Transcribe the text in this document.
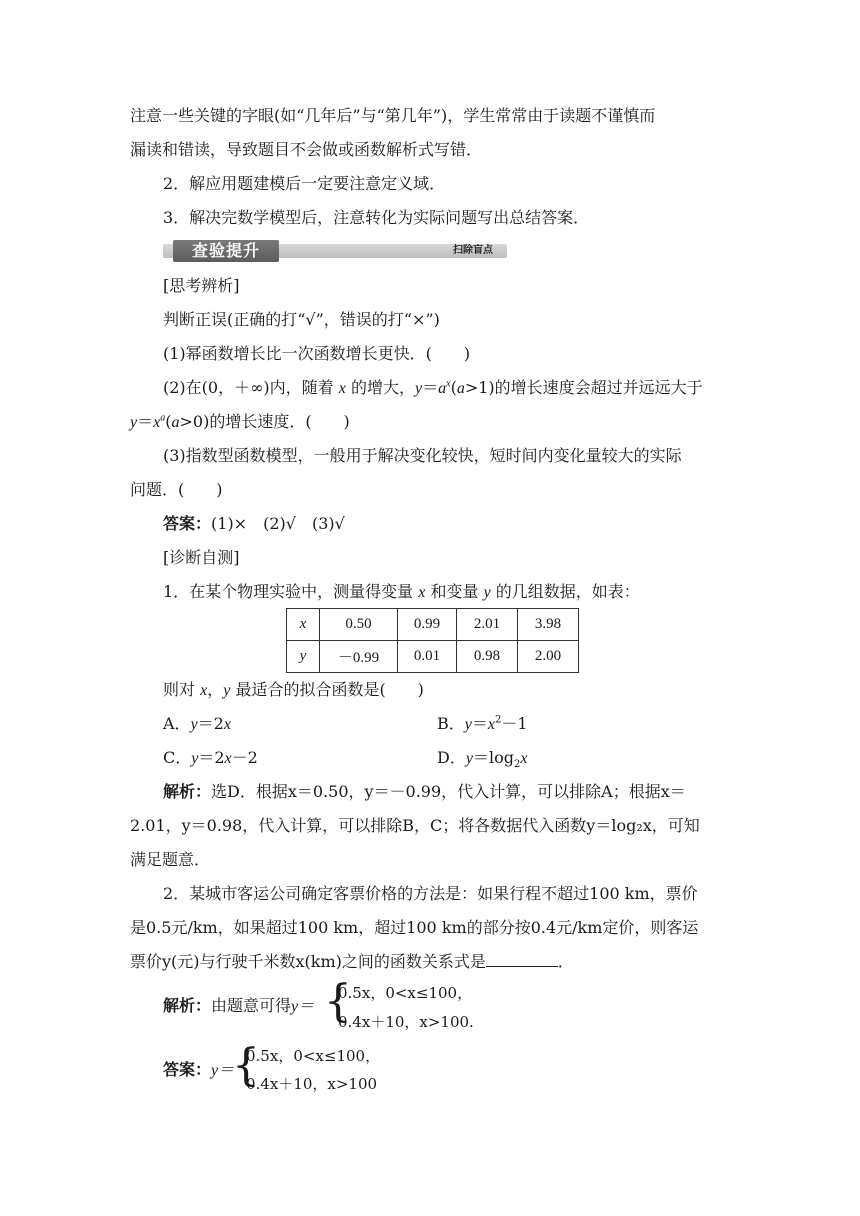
注意一些关键的字眼(如“几年后”与“第几年”)，学生常常由于读题不谨慎而
漏读和错读，导致题目不会做或函数解析式写错．
2．解应用题建模后一定要注意定义域．
3．解决完数学模型后，注意转化为实际问题写出总结答案．
查验提升	扫除盲点
[思考辨析]
判断正误(正确的打“√”，错误的打“×”)
(1)幂函数增长比一次函数增长更快．(　　)
(2)在(0，＋∞)内，随着 x 的增大，$y=a^x(a>1)$的增长速度会超过并远远大于
$y=x^a(a>0)$的增长速度．(　　)
(3)指数型函数模型，一般用于解决变化较快，短时间内变化量较大的实际
问题．(　　)
答案：(1)×　(2)√　(3)√
[诊断自测]
1．在某个物理实验中，测量得变量 x 和变量 y 的几组数据，如表：
x	0.50	0.99	2.01	3.98
y	－0.99	0.01	0.98	2.00
则对 x，y 最适合的拟合函数是(　　)
A．y＝2x	B．$y=x^2-1$
C．y＝2x－2	D．$y=\log_2x$
解析：选D．根据x＝0.50，y＝－0.99，代入计算，可以排除A；根据x＝
2.01，y＝0.98，代入计算，可以排除B，C；将各数据代入函数y＝log₂x，可知
满足题意．
2．某城市客运公司确定客票价格的方法是：如果行程不超过100 km，票价
是0.5元/km，如果超过100 km，超过100 km的部分按0.4元/km定价，则客运
票价y(元)与行驶千米数x(km)之间的函数关系式是	．
解析：由题意可得y＝ {
0.5x，0<x≤100，
0.4x＋10，x>100.
答案：y＝
{
0.5x，0<x≤100，
0.4x＋10，x>100
